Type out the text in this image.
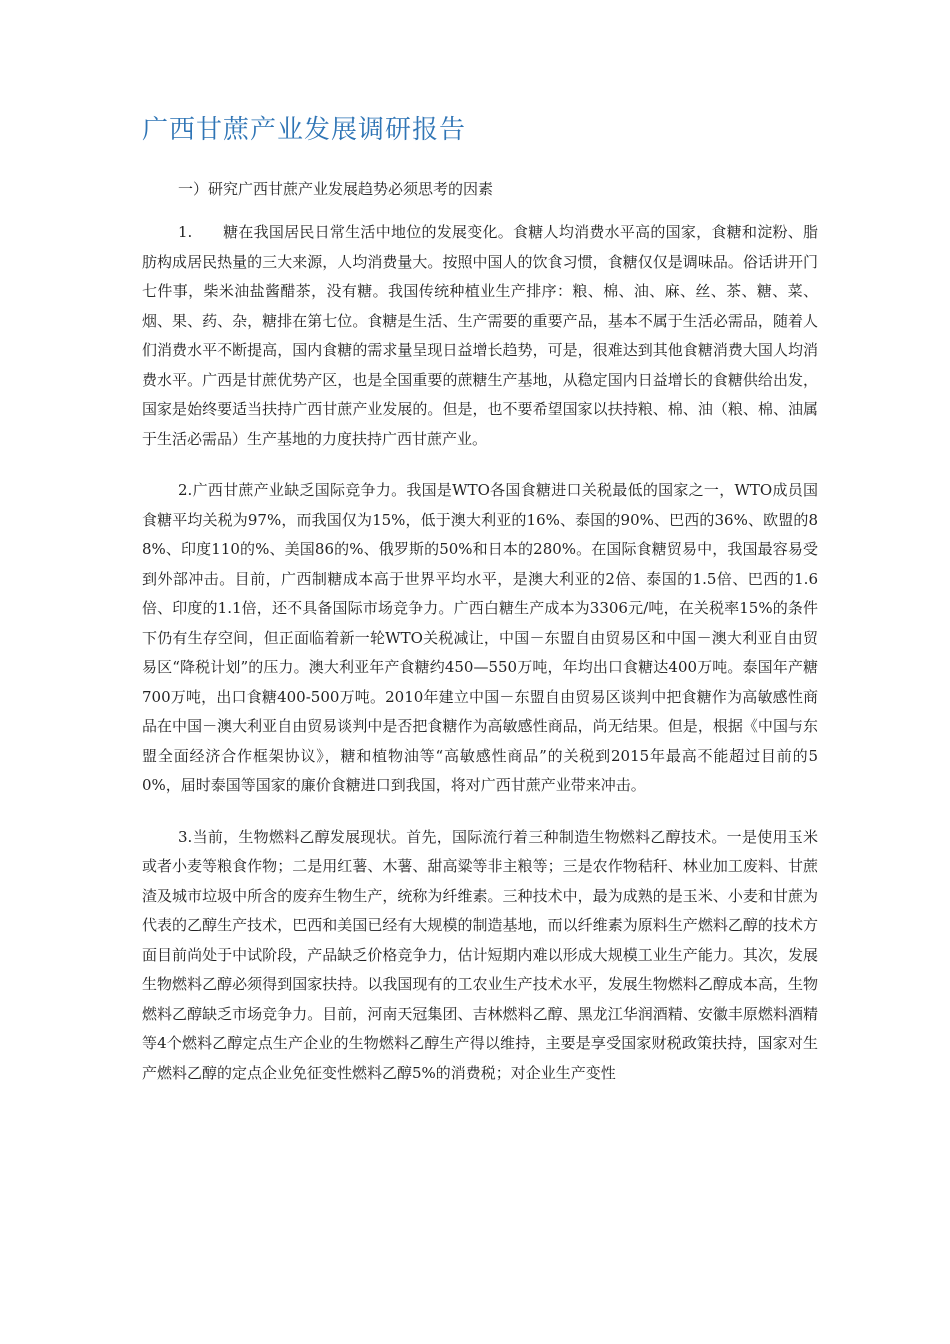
广西甘蔗产业发展调研报告
一）研究广西甘蔗产业发展趋势必须思考的因素

1.　　糖在我国居民日常生活中地位的发展变化。食糖人均消费水平高的国家，食糖和淀粉、脂肪构成居民热量的三大来源，人均消费量大。按照中国人的饮食习惯，食糖仅仅是调味品。俗话讲开门七件事，柴米油盐酱醋茶，没有糖。我国传统种植业生产排序：粮、棉、油、麻、丝、茶、糖、菜、烟、果、药、杂，糖排在第七位。食糖是生活、生产需要的重要产品，基本不属于生活必需品，随着人们消费水平不断提高，国内食糖的需求量呈现日益增长趋势，可是，很难达到其他食糖消费大国人均消费水平。广西是甘蔗优势产区，也是全国重要的蔗糖生产基地，从稳定国内日益增长的食糖供给出发，国家是始终要适当扶持广西甘蔗产业发展的。但是，也不要希望国家以扶持粮、棉、油（粮、棉、油属于生活必需品）生产基地的力度扶持广西甘蔗产业。

2.广西甘蔗产业缺乏国际竞争力。我国是WTO各国食糖进口关税最低的国家之一，WTO成员国食糖平均关税为97%，而我国仅为15%，低于澳大利亚的16%、泰国的90%、巴西的36%、欧盟的88%、印度110的%、美国86的%、俄罗斯的50%和日本的280%。在国际食糖贸易中，我国最容易受到外部冲击。目前，广西制糖成本高于世界平均水平，是澳大利亚的2倍、泰国的1.5倍、巴西的1.6倍、印度的1.1倍，还不具备国际市场竞争力。广西白糖生产成本为3306元/吨，在关税率15%的条件下仍有生存空间，但正面临着新一轮WTO关税减让，中国－东盟自由贸易区和中国－澳大利亚自由贸易区“降税计划”的压力。澳大利亚年产食糖约450—550万吨，年均出口食糖达400万吨。泰国年产糖700万吨，出口食糖400-500万吨。2010年建立中国－东盟自由贸易区谈判中把食糖作为高敏感性商品在中国－澳大利亚自由贸易谈判中是否把食糖作为高敏感性商品，尚无结果。但是，根据《中国与东盟全面经济合作框架协议》，糖和植物油等“高敏感性商品”的关税到2015年最高不能超过目前的50%，届时泰国等国家的廉价食糖进口到我国，将对广西甘蔗产业带来冲击。

3.当前，生物燃料乙醇发展现状。首先，国际流行着三种制造生物燃料乙醇技术。一是使用玉米或者小麦等粮食作物；二是用红薯、木薯、甜高粱等非主粮等；三是农作物秸秆、林业加工废料、甘蔗渣及城市垃圾中所含的废弃生物生产，统称为纤维素。三种技术中，最为成熟的是玉米、小麦和甘蔗为代表的乙醇生产技术，巴西和美国已经有大规模的制造基地，而以纤维素为原料生产燃料乙醇的技术方面目前尚处于中试阶段，产品缺乏价格竞争力，估计短期内难以形成大规模工业生产能力。其次，发展生物燃料乙醇必须得到国家扶持。以我国现有的工农业生产技术水平，发展生物燃料乙醇成本高，生物燃料乙醇缺乏市场竞争力。目前，河南天冠集团、吉林燃料乙醇、黑龙江华润酒精、安徽丰原燃料酒精等4个燃料乙醇定点生产企业的生物燃料乙醇生产得以维持，主要是享受国家财税政策扶持，国家对生产燃料乙醇的定点企业免征变性燃料乙醇5%的消费税；对企业生产变性
